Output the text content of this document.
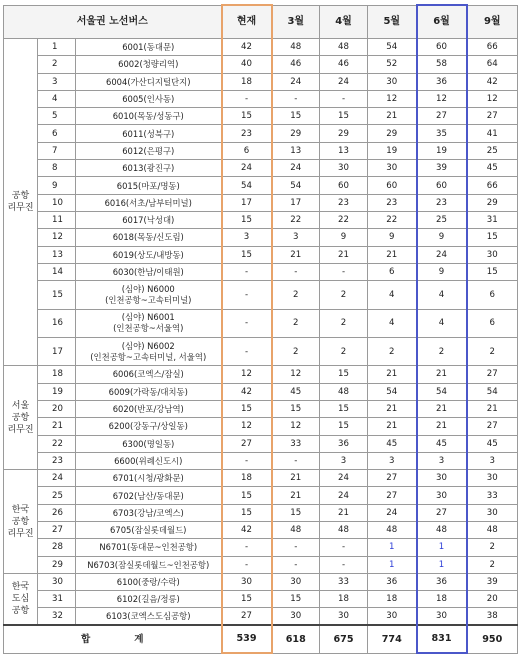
서울권 노선버스			현재	3월	4월	5월	6월	9월
공항
리무진	1	6001(동대문)	42	48	48	54	60	66
	2	6002(청량리역)	40	46	46	52	58	64
	3	6004(가산디지털단지)	18	24	24	30	36	42
	4	6005(인사동)	-	-	-	12	12	12
	5	6010(목동/성동구)	15	15	15	21	27	27
	6	6011(성북구)	23	29	29	29	35	41
	7	6012(은평구)	6	13	13	19	19	25
	8	6013(광진구)	24	24	30	30	39	45
	9	6015(마포/명동)	54	54	60	60	60	66
	10	6016(서초/남부터미널)	17	17	23	23	23	29
	11	6017(낙성대)	15	22	22	22	25	31
	12	6018(목동/신도림)	3	3	9	9	9	15
	13	6019(상도/내방동)	15	21	21	21	24	30
	14	6030(한남/이태원)	-	-	-	6	9	15
	15	(심야) N6000
(인천공항~고속터미널)	-	2	2	4	4	6
	16	(심야) N6001
(인천공항~서울역)	-	2	2	4	4	6
	17	(심야) N6002
(인천공항~고속터미널, 서울역)	-	2	2	2	2	2
서울
공항
리무진	18	6006(코엑스/잠실)	12	12	15	21	21	27
	19	6009(가락동/대치동)	42	45	48	54	54	54
	20	6020(반포/강남역)	15	15	15	21	21	21
	21	6200(강동구/상일동)	12	12	15	21	21	27
	22	6300(명일동)	27	33	36	45	45	45
	23	6600(위례신도시)	-	-	3	3	3	3
한국
공항
리무진	24	6701(시청/광화문)	18	21	24	27	30	30
	25	6702(남산/동대문)	15	21	24	27	30	33
	26	6703(강남/코엑스)	15	15	21	24	27	30
	27	6705(잠실롯데월드)	42	48	48	48	48	48
	28	N6701(동대문~인천공항)	-	-	-	1	1	2
	29	N6703(잠실롯데월드~인천공항)	-	-	-	1	1	2
한국
도심
공항	30	6100(중랑/수락)	30	30	33	36	36	39
	31	6102(길음/정릉)	15	15	18	18	18	20
	32	6103(코엑스도심공항)	27	30	30	30	30	38
합 계			539	618	675	774	831	950
